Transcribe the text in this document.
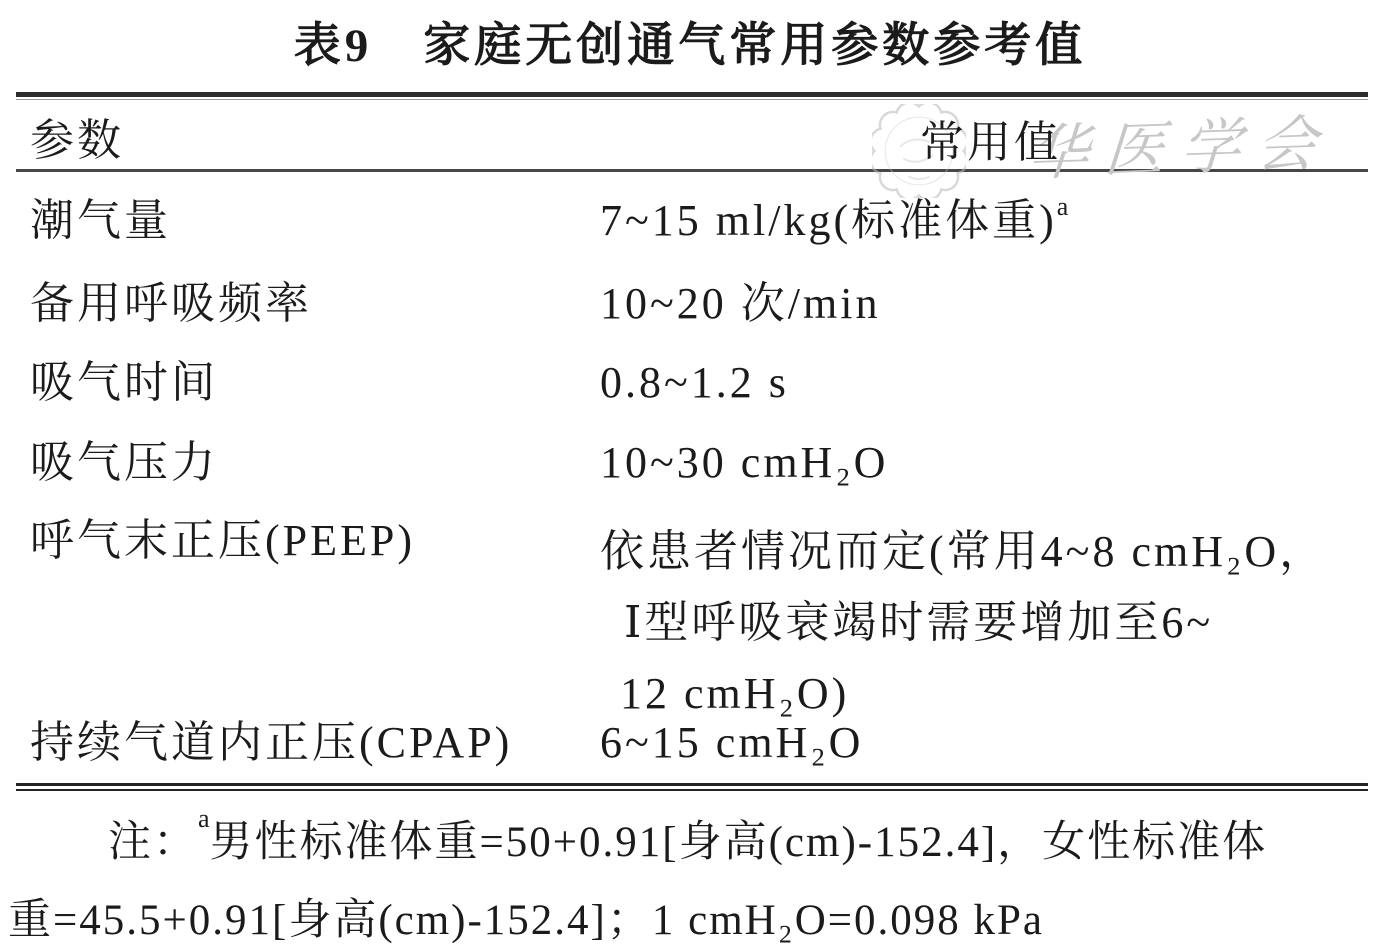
表9　家庭无创通气常用参数参考值
华医学会
参数	常用值
潮气量	7~15 ml/kg(标准体重)$^a$
备用呼吸频率	10~20 次/min
吸气时间	0.8~1.2 s
吸气压力	10~30 cmH₂O
呼气末正压(PEEP)	依患者情况而定(常用4~8 cmH₂O，
Ⅰ型呼吸衰竭时需要增加至6~
12 cmH₂O)
持续气道内正压(CPAP)	6~15 cmH₂O
注：$^a$男性标准体重=50+0.91[身高(cm)-152.4]，女性标准体
重=45.5+0.91[身高(cm)-152.4]；1 cmH₂O=0.098 kPa
